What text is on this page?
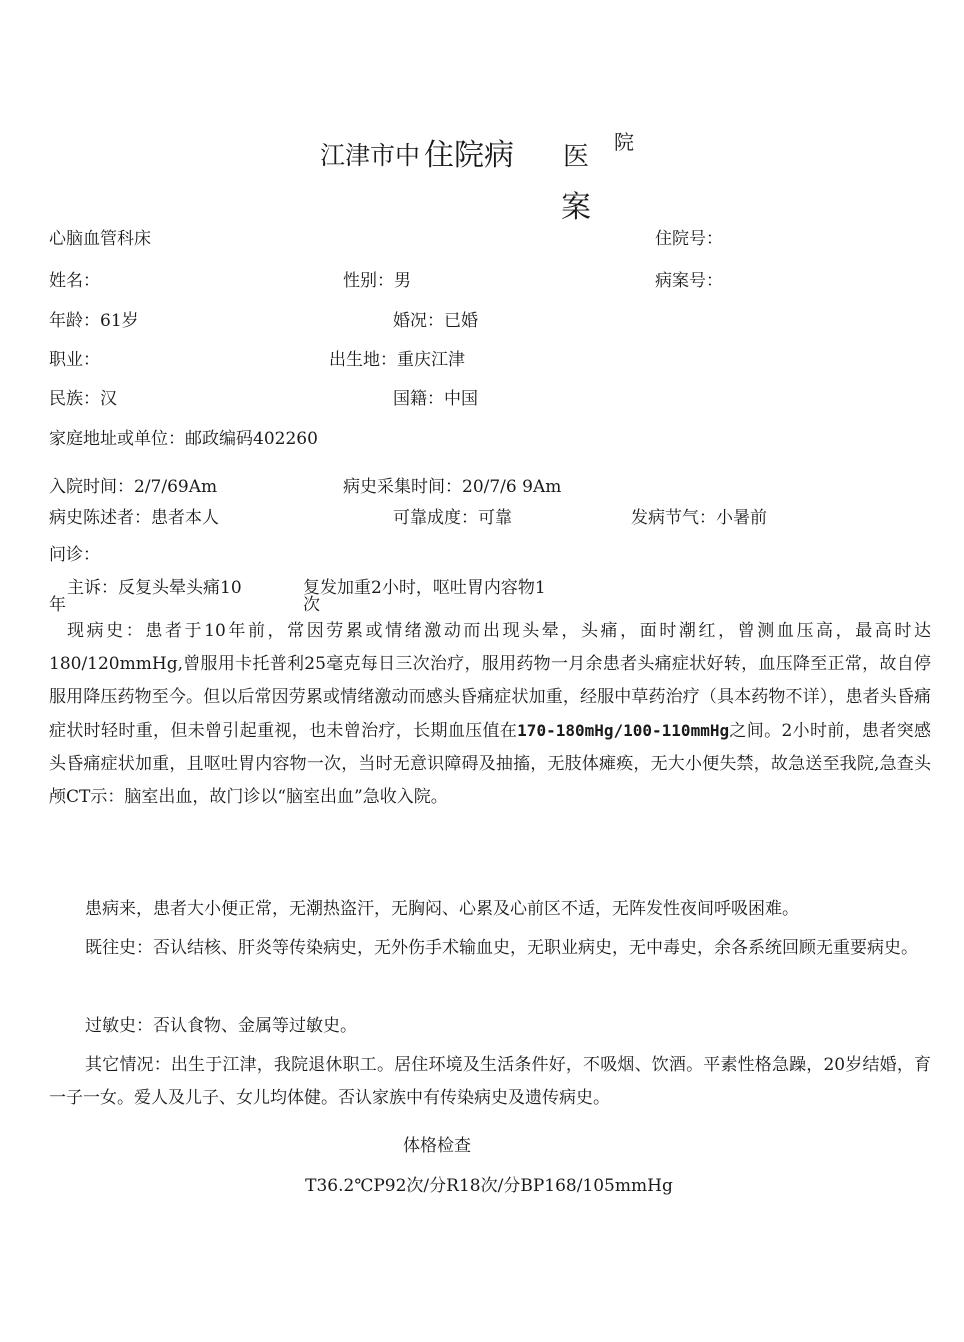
江津市中 住院病 医 院
案
心脑血管科床	住院号：
姓名：	性别：男	病案号：
年龄：61岁	婚况：已婚
职业：	出生地：重庆江津
民族：汉	国籍：中国
家庭地址或单位：邮政编码402260
入院时间：2/7/69Am	病史采集时间：20/7/6 9Am
病史陈述者：患者本人	可靠成度：可靠	发病节气：小暑前
问诊：
主诉：反复头晕头痛10	复发加重2小时，呕吐胃内容物1
年	次
现病史：患者于10年前，常因劳累或情绪激动而出现头晕，头痛，面时潮红，曾测血压高，最高时达180/120mmHg,曾服用卡托普利25毫克每日三次治疗，服用药物一月余患者头痛症状好转，血压降至正常，故自停服用降压药物至今。但以后常因劳累或情绪激动而感头昏痛症状加重，经服中草药治疗（具本药物不详），患者头昏痛症状时轻时重，但未曾引起重视，也未曾治疗，长期血压值在170-180mHg/100-110mmHg之间。2小时前，患者突感头昏痛症状加重，且呕吐胃内容物一次，当时无意识障碍及抽搐，无肢体瘫痪，无大小便失禁，故急送至我院,急查头颅CT示：脑室出血，故门诊以“脑室出血”急收入院。
患病来，患者大小便正常，无潮热盗汗，无胸闷、心累及心前区不适，无阵发性夜间呼吸困难。
既往史：否认结核、肝炎等传染病史，无外伤手术输血史，无职业病史，无中毒史，余各系统回顾无重要病史。
过敏史：否认食物、金属等过敏史。
其它情况：出生于江津，我院退休职工。居住环境及生活条件好，不吸烟、饮酒。平素性格急躁，20岁结婚，育一子一女。爱人及儿子、女儿均体健。否认家族中有传染病史及遗传病史。
体格检查
T36.2℃P92次/分R18次/分BP168/105mmHg
